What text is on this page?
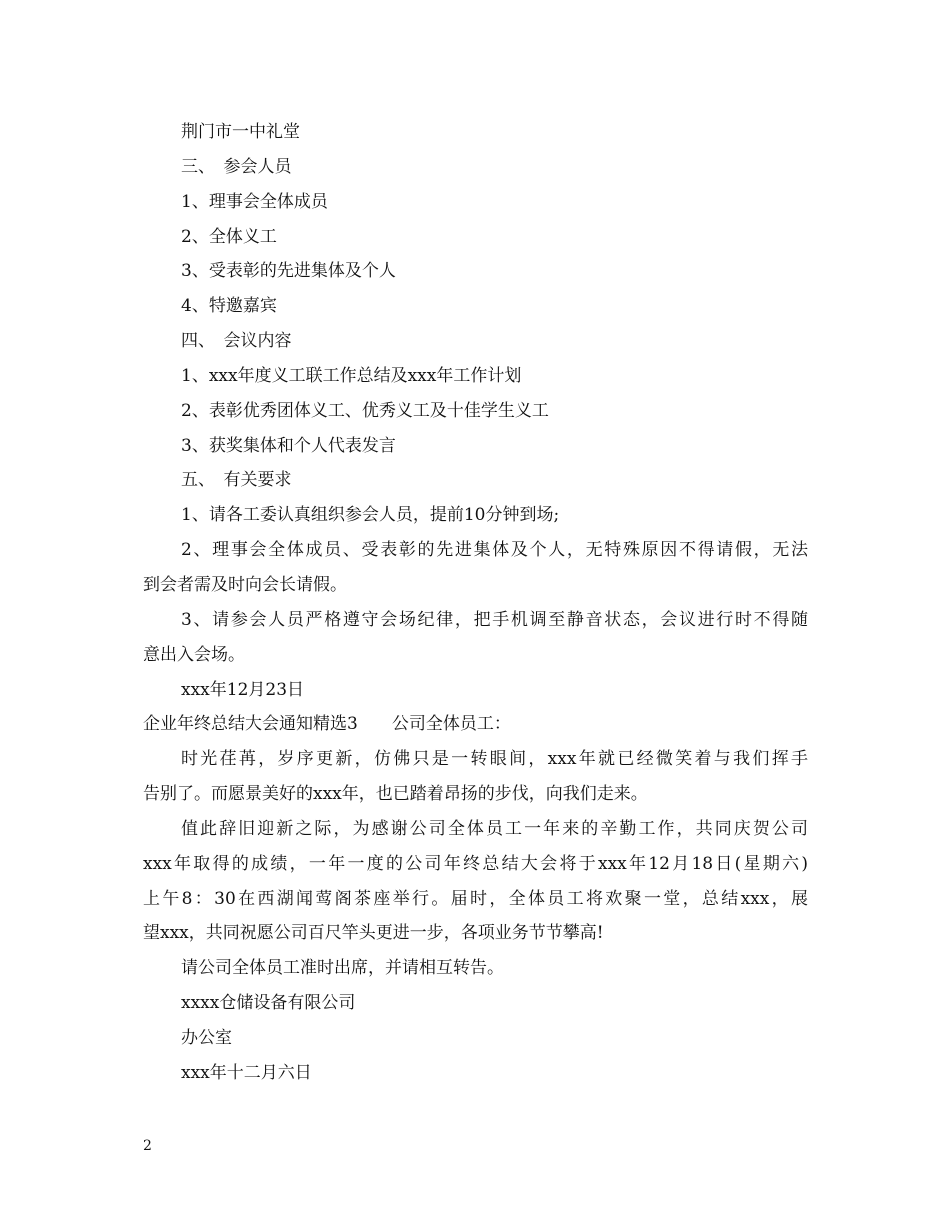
荆门市一中礼堂

三、　参会人员

1、理事会全体成员

2、全体义工

3、受表彰的先进集体及个人

4、特邀嘉宾

四、　会议内容

1、xxx年度义工联工作总结及xxx年工作计划

2、表彰优秀团体义工、优秀义工及十佳学生义工

3、获奖集体和个人代表发言

五、　有关要求

1、请各工委认真组织参会人员，提前10分钟到场;

2、理事会全体成员、受表彰的先进集体及个人，无特殊原因不得请假，无法

到会者需及时向会长请假。

3、请参会人员严格遵守会场纪律，把手机调至静音状态，会议进行时不得随

意出入会场。

xxx年12月23日

企业年终总结大会通知精选3　　公司全体员工：

时光荏苒，岁序更新，仿佛只是一转眼间，xxx年就已经微笑着与我们挥手

告别了。而愿景美好的xxx年，也已踏着昂扬的步伐，向我们走来。

值此辞旧迎新之际，为感谢公司全体员工一年来的辛勤工作，共同庆贺公司

xxx年取得的成绩，一年一度的公司年终总结大会将于xxx年12月18日(星期六)

上午8：30在西湖闻莺阁茶座举行。届时，全体员工将欢聚一堂，总结xxx，展

望xxx，共同祝愿公司百尺竿头更进一步，各项业务节节攀高!

请公司全体员工准时出席，并请相互转告。

xxxx仓储设备有限公司

办公室

xxx年十二月六日

2
